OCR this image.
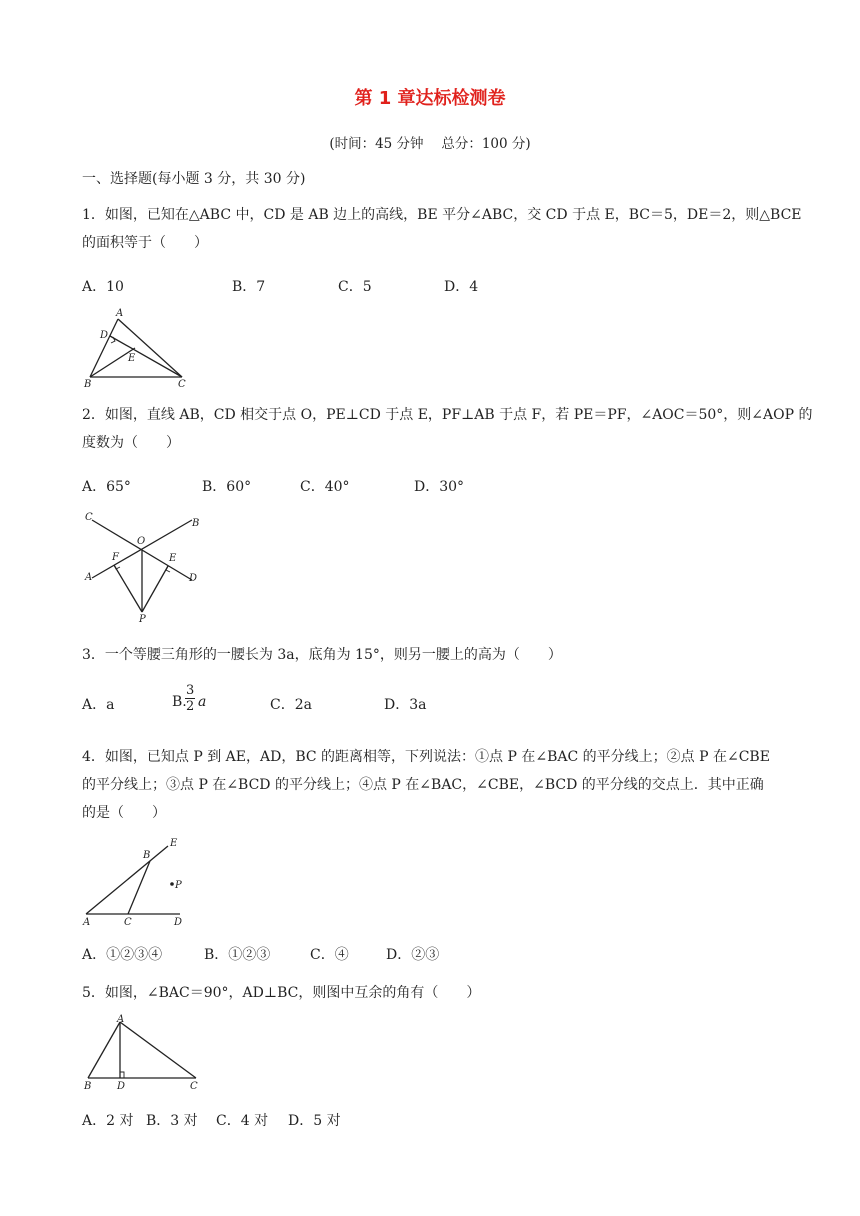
第 1 章达标检测卷
(时间：45 分钟　 总分：100 分)
一、选择题(每小题 3 分，共 30 分)
1．如图，已知在△ABC 中，CD 是 AB 边上的高线，BE 平分∠ABC，交 CD 于点 E，BC＝5，DE＝2，则△BCE
的面积等于（　　）
A．10	B．7	C．5	D．4
A
D
E
B	C
2．如图，直线 AB，CD 相交于点 O，PE⊥CD 于点 E，PF⊥AB 于点 F，若 PE＝PF，∠AOC＝50°，则∠AOP 的
度数为（　　）
A．65°	B．60°	C．40°	D．30°
C
B
O
F	E
A	D
P
3．一个等腰三角形的一腰长为 3a，底角为 15°，则另一腰上的高为（　　）
A．a	B.
$\frac{3}{2}$ a	C．2a	D．3a
4．如图，已知点 P 到 AE，AD，BC 的距离相等，下列说法：①点 P 在∠BAC 的平分线上；②点 P 在∠CBE
的平分线上；③点 P 在∠BCD 的平分线上；④点 P 在∠BAC，∠CBE，∠BCD 的平分线的交点上．其中正确
的是（　　）
E
B
P
A	C	D
A．①②③④	B．①②③	C．④	D．②③
5．如图，∠BAC＝90°，AD⊥BC，则图中互余的角有（　　）
A
B	D	C
A．2 对 B．3 对 C．4 对 D．5 对
